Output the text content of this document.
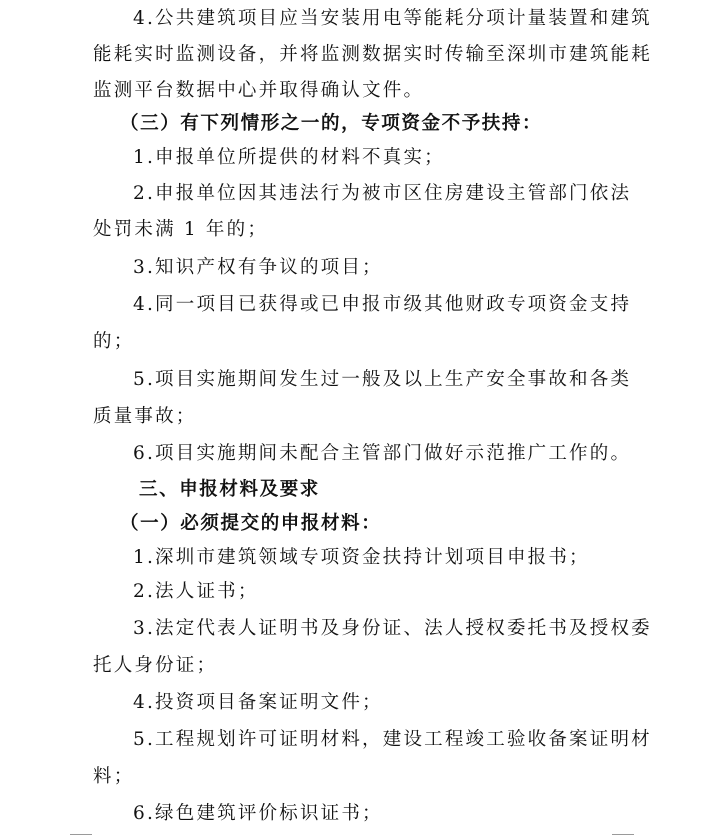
4.公共建筑项目应当安装用电等能耗分项计量装置和建筑
能耗实时监测设备，并将监测数据实时传输至深圳市建筑能耗
监测平台数据中心并取得确认文件。
（三）有下列情形之一的，专项资金不予扶持：
1.申报单位所提供的材料不真实；
2.申报单位因其违法行为被市区住房建设主管部门依法
处罚未满 1 年的；
3.知识产权有争议的项目；
4.同一项目已获得或已申报市级其他财政专项资金支持
的；
5.项目实施期间发生过一般及以上生产安全事故和各类
质量事故；
6.项目实施期间未配合主管部门做好示范推广工作的。
三、申报材料及要求
（一）必须提交的申报材料：
1.深圳市建筑领域专项资金扶持计划项目申报书；
2.法人证书；
3.法定代表人证明书及身份证、法人授权委托书及授权委
托人身份证；
4.投资项目备案证明文件；
5.工程规划许可证明材料，建设工程竣工验收备案证明材
料；
6.绿色建筑评价标识证书；
